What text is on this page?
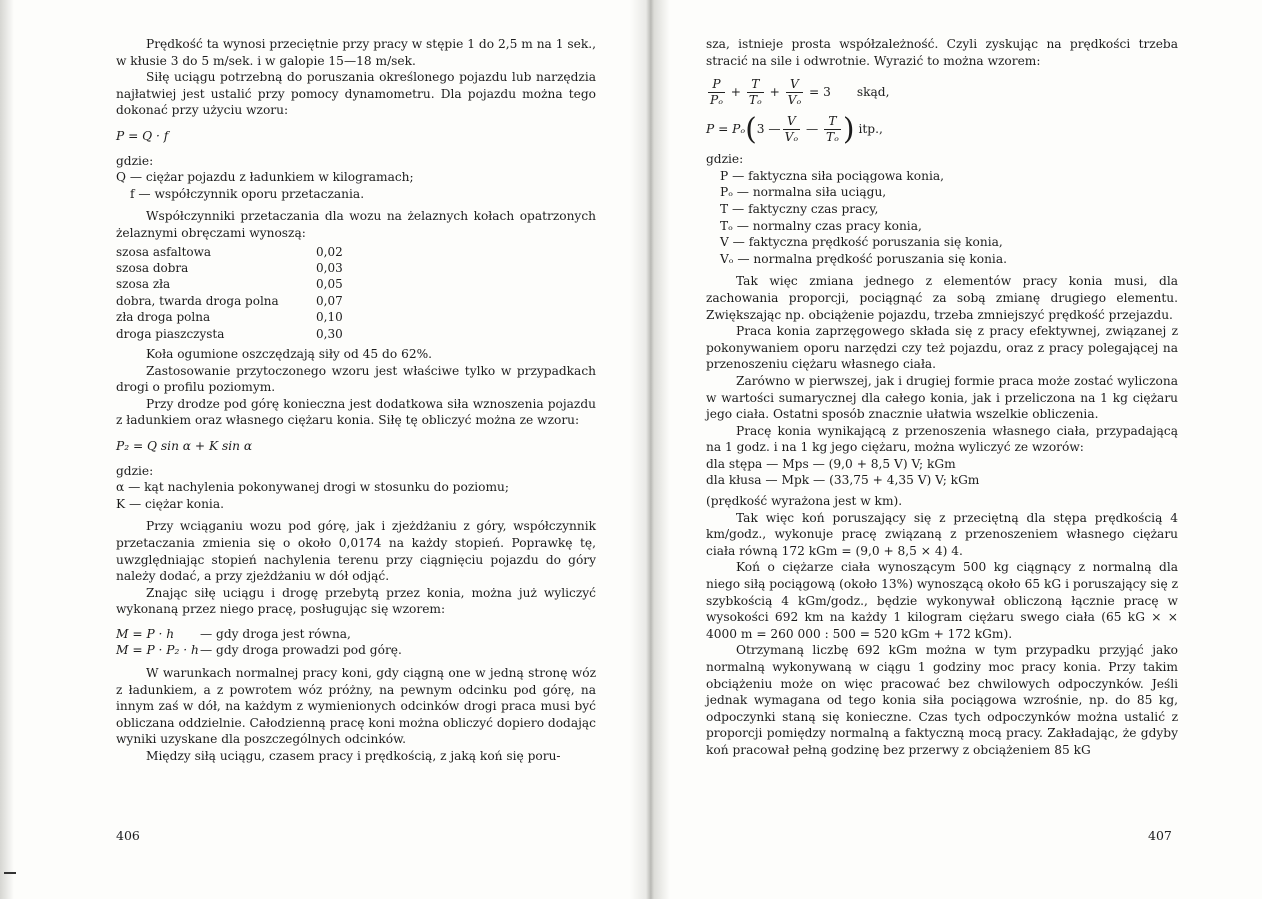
Prędkość ta wynosi przeciętnie przy pracy w stępie 1 do 2,5 m na 1 sek., w kłusie 3 do 5 m/sek. i w galopie 15—18 m/sek.

Siłę uciągu potrzebną do poruszania określonego pojazdu lub narzędzia najłatwiej jest ustalić przy pomocy dynamometru. Dla pojazdu można tego dokonać przy użyciu wzoru:

P = Q · f

gdzie:

Q — ciężar pojazdu z ładunkiem w kilogramach;

f — współczynnik oporu przetaczania.

Współczynniki przetaczania dla wozu na żelaznych kołach opatrzonych żelaznymi obręczami wynoszą:

szosa asfaltowa	0,02
szosa dobra	0,03
szosa zła	0,05
dobra, twarda droga polna	0,07
zła droga polna	0,10
droga piaszczysta	0,30

Koła ogumione oszczędzają siły od 45 do 62%.

Zastosowanie przytoczonego wzoru jest właściwe tylko w przypadkach drogi o profilu poziomym.

Przy drodze pod górę konieczna jest dodatkowa siła wznoszenia pojazdu z ładunkiem oraz własnego ciężaru konia. Siłę tę obliczyć można ze wzoru:

P₂ = Q sin α + K sin α

gdzie:

α — kąt nachylenia pokonywanej drogi w stosunku do poziomu;

K — ciężar konia.

Przy wciąganiu wozu pod górę, jak i zjeżdżaniu z góry, współczynnik przetaczania zmienia się o około 0,0174 na każdy stopień. Poprawkę tę, uwzględniając stopień nachylenia terenu przy ciągnięciu pojazdu do góry należy dodać, a przy zjeżdżaniu w dół odjąć.

Znając siłę uciągu i drogę przebytą przez konia, można już wyliczyć wykonaną przez niego pracę, posługując się wzorem:

M = P · h — gdy droga jest równa,
M = P · P₂ · h— gdy droga prowadzi pod górę.

W warunkach normalnej pracy koni, gdy ciągną one w jedną stronę wóz z ładunkiem, a z powrotem wóz próżny, na pewnym odcinku pod górę, na innym zaś w dół, na każdym z wymienionych odcinków drogi praca musi być obliczana oddzielnie. Całodzienną pracę koni można obliczyć dopiero dodając wyniki uzyskane dla poszczególnych odcinków.

Między siłą uciągu, czasem pracy i prędkością, z jaką koń się poru-

406

sza, istnieje prosta współzależność. Czyli zyskując na prędkości trzeba stracić na sile i odwrotnie. Wyrazić to można wzorem:

$\frac{P}{\text{Pₒ}} + \frac{T}{\text{Tₒ}} + \frac{V}{\text{Vₒ}}$
= 3 skąd,
P = Pₒ ( 3 — $\frac{V}{\text{Vₒ}}$ — $\frac{T}{\text{Tₒ}}$ )
itp.,

gdzie:

P — faktyczna siła pociągowa konia,

Pₒ — normalna siła uciągu,

T — faktyczny czas pracy,

Tₒ — normalny czas pracy konia,

V — faktyczna prędkość poruszania się konia,

Vₒ — normalna prędkość poruszania się konia.

Tak więc zmiana jednego z elementów pracy konia musi, dla zachowania proporcji, pociągnąć za sobą zmianę drugiego elementu. Zwiększając np. obciążenie pojazdu, trzeba zmniejszyć prędkość przejazdu.

Praca konia zaprzęgowego składa się z pracy efektywnej, związanej z pokonywaniem oporu narzędzi czy też pojazdu, oraz z pracy polegającej na przenoszeniu ciężaru własnego ciała.

Zarówno w pierwszej, jak i drugiej formie praca może zostać wyliczona w wartości sumarycznej dla całego konia, jak i przeliczona na 1 kg ciężaru jego ciała. Ostatni sposób znacznie ułatwia wszelkie obliczenia.

Pracę konia wynikającą z przenoszenia własnego ciała, przypadającą na 1 godz. i na 1 kg jego ciężaru, można wyliczyć ze wzorów:

dla stępa — Mps — (9,0 + 8,5 V) V; kGm

dla kłusa — Mpk — (33,75 + 4,35 V) V; kGm

(prędkość wyrażona jest w km).

Tak więc koń poruszający się z przeciętną dla stępa prędkością 4 km/godz., wykonuje pracę związaną z przenoszeniem własnego ciężaru ciała równą 172 kGm = (9,0 + 8,5 × 4) 4.

Koń o ciężarze ciała wynoszącym 500 kg ciągnący z normalną dla niego siłą pociągową (około 13%) wynoszącą około 65 kG i poruszający się z szybkością 4 kGm/godz., będzie wykonywał obliczoną łącznie pracę w wysokości 692 km na każdy 1 kilogram ciężaru swego ciała (65 kG × × 4000 m = 260 000 : 500 = 520 kGm + 172 kGm).

Otrzymaną liczbę 692 kGm można w tym przypadku przyjąć jako normalną wykonywaną w ciągu 1 godziny moc pracy konia. Przy takim obciążeniu może on więc pracować bez chwilowych odpoczynków. Jeśli jednak wymagana od tego konia siła pociągowa wzrośnie, np. do 85 kg, odpoczynki staną się konieczne. Czas tych odpoczynków można ustalić z proporcji pomiędzy normalną a faktyczną mocą pracy. Zakładając, że gdyby koń pracował pełną godzinę bez przerwy z obciążeniem 85 kG

407
